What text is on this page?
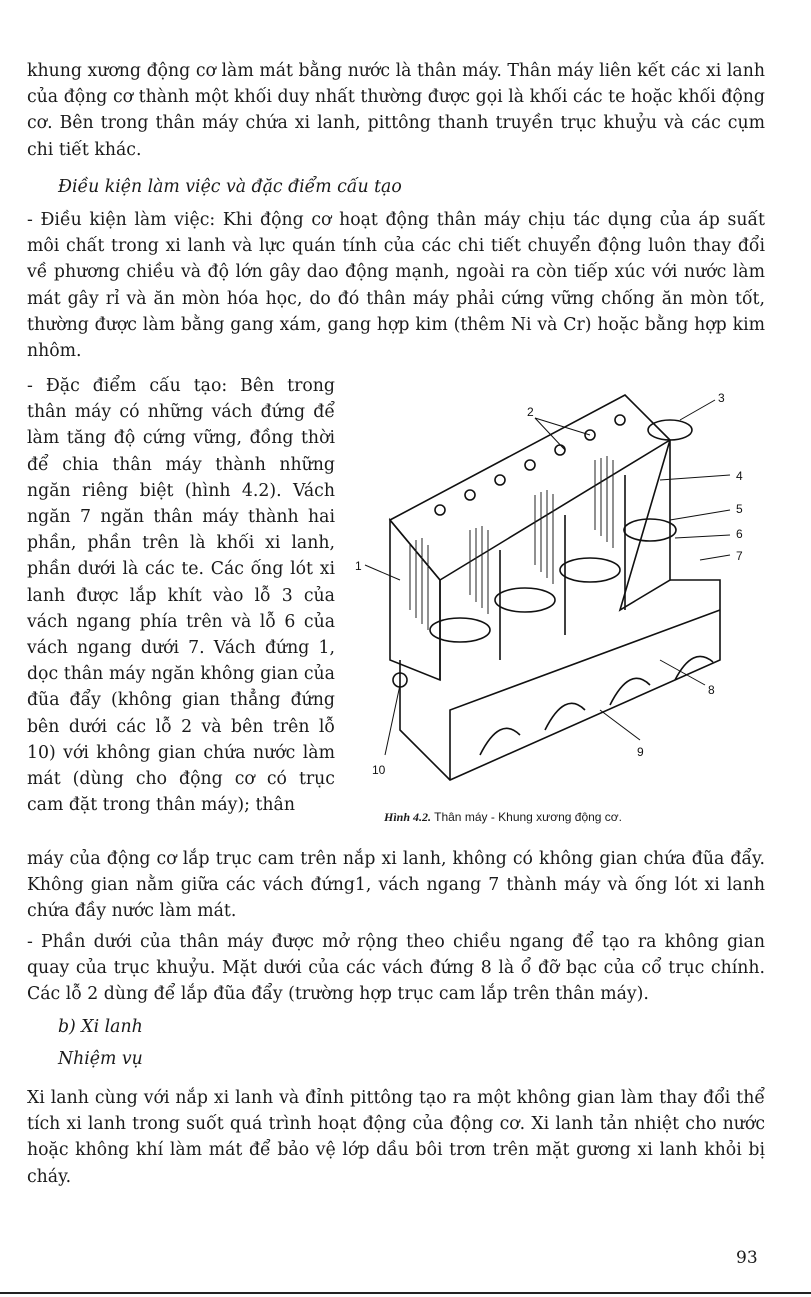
khung xương động cơ làm mát bằng nước là thân máy. Thân máy liên kết các xi lanh của động cơ thành một khối duy nhất thường được gọi là khối các te hoặc khối động cơ. Bên trong thân máy chứa xi lanh, pittông thanh truyền trục khuỷu và các cụm chi tiết khác.

Điều kiện làm việc và đặc điểm cấu tạo

- Điều kiện làm việc: Khi động cơ hoạt động thân máy chịu tác dụng của áp suất môi chất trong xi lanh và lực quán tính của các chi tiết chuyển động luôn thay đổi về phương chiều và độ lớn gây dao động mạnh, ngoài ra còn tiếp xúc với nước làm mát gây rỉ và ăn mòn hóa học, do đó thân máy phải cứng vững chống ăn mòn tốt, thường được làm bằng gang xám, gang hợp kim (thêm Ni và Cr) hoặc bằng hợp kim nhôm.

- Đặc điểm cấu tạo: Bên trong thân máy có những vách đứng để làm tăng độ cứng vững, đồng thời để chia thân máy thành những ngăn riêng biệt (hình 4.2). Vách ngăn 7 ngăn thân máy thành hai phần, phần trên là khối xi lanh, phần dưới là các te. Các ống lót xi lanh được lắp khít vào lỗ 3 của vách ngang phía trên và lỗ 6 của vách ngang dưới 7. Vách đứng 1, dọc thân máy ngăn không gian của đũa đẩy (không gian thẳng đứng bên dưới các lỗ 2 và bên trên lỗ 10) với không gian chứa nước làm mát (dùng cho động cơ có trục cam đặt trong thân máy); thân

1
2
3
4
5
6
7
8
9
10
Hình 4.2. Thân máy - Khung xương động cơ.

máy của động cơ lắp trục cam trên nắp xi lanh, không có không gian chứa đũa đẩy. Không gian nằm giữa các vách đứng1, vách ngang 7 thành máy và ống lót xi lanh chứa đầy nước làm mát.

- Phần dưới của thân máy được mở rộng theo chiều ngang để tạo ra không gian quay của trục khuỷu. Mặt dưới của các vách đứng 8 là ổ đỡ bạc của cổ trục chính. Các lỗ 2 dùng để lắp đũa đẩy (trường hợp trục cam lắp trên thân máy).

b) Xi lanh

Nhiệm vụ

Xi lanh cùng với nắp xi lanh và đỉnh pittông tạo ra một không gian làm thay đổi thể tích xi lanh trong suốt quá trình hoạt động của động cơ. Xi lanh tản nhiệt cho nước hoặc không khí làm mát để bảo vệ lớp dầu bôi trơn trên mặt gương xi lanh khỏi bị cháy.

93
